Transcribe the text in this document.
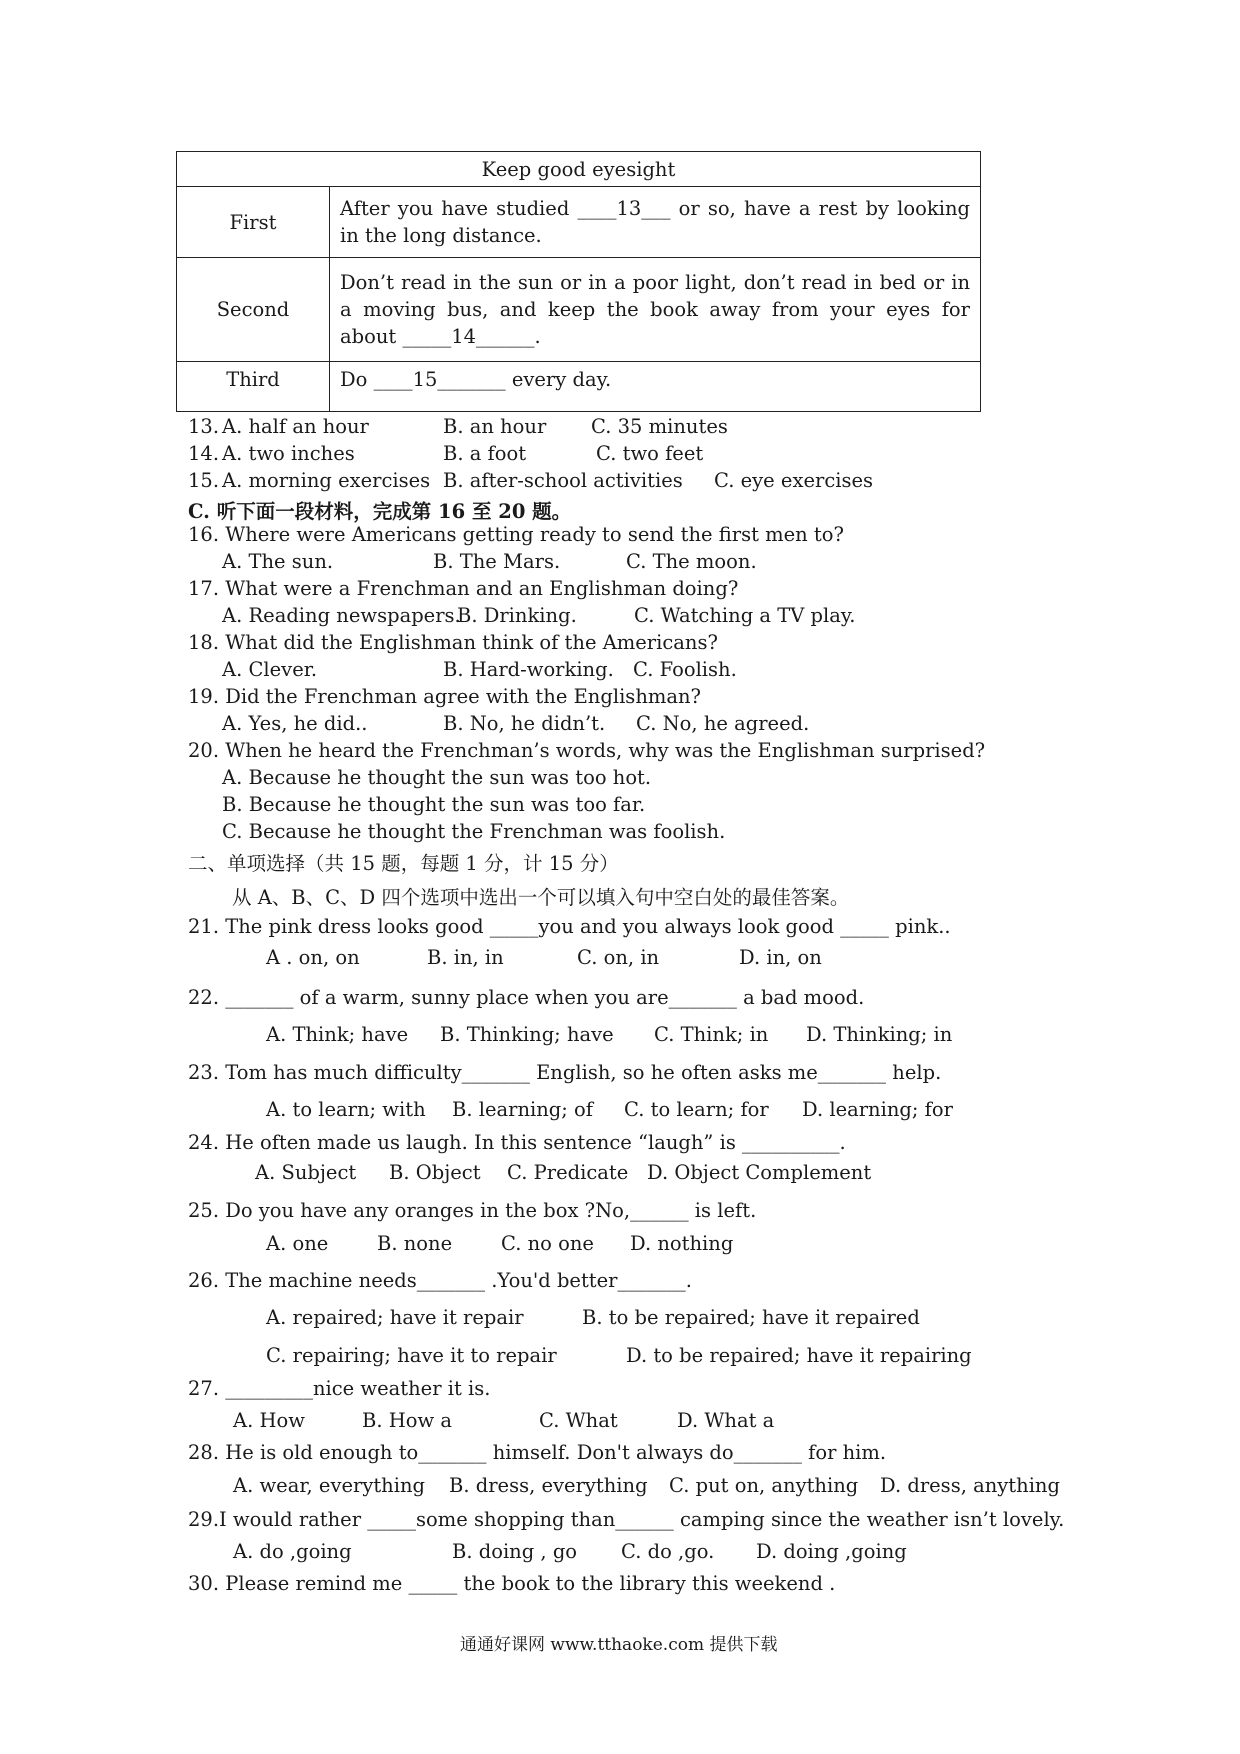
Keep good eyesight	
First	After you have studied ____13___ or so, have a rest by looking in the long distance.
Second	Don’t read in the sun or in a poor light, don’t read in bed or in a moving bus, and keep the book away from your eyes for about _____14______.
Third	Do ____15_______ every day.
13. A. half an hour	B. an hour C. 35 minutes
14. A. two inches	B. a foot	C. two feet
15. A. morning exercises B. after-school activities C. eye exercises
C. 听下面一段材料，完成第 16 至 20 题。
16. Where were Americans getting ready to send the first men to?
A. The sun.	B. The Mars.	C. The moon.
17. What were a Frenchman and an Englishman doing?
A. Reading newspapers.
B. Drinking.	C. Watching a TV play.
18. What did the Englishman think of the Americans?
A. Clever.	B. Hard-working. C. Foolish.
19. Did the Frenchman agree with the Englishman?
A. Yes, he did..	B. No, he didn’t. C. No, he agreed.
20. When he heard the Frenchman’s words, why was the Englishman surprised?
A. Because he thought the sun was too hot.
B. Because he thought the sun was too far.
C. Because he thought the Frenchman was foolish.
二、单项选择（共 15 题，每题 1 分，计 15 分）
从 A、B、C、D 四个选项中选出一个可以填入句中空白处的最佳答案。
21. The pink dress looks good _____you and you always look good _____ pink..
A . on, on	B. in, in	C. on, in	D. in, on
22. _______ of a warm, sunny place when you are_______ a bad mood.
A. Think; have B. Thinking; have C. Think; in D. Thinking; in
23. Tom has much difficulty_______ English, so he often asks me_______ help.
A. to learn; with B. learning; of C. to learn; for D. learning; for
24. He often made us laugh. In this sentence “laugh” is __________.
A. Subject B. Object C. Predicate D. Object Complement
25. Do you have any oranges in the box ?No,______ is left.
A. one B. none	C. no one D. nothing
26. The machine needs_______ .You'd better_______.
A. repaired; have it repair	B. to be repaired; have it repaired
C. repairing; have it to repair	D. to be repaired; have it repairing
27. _________nice weather it is.
A. How	B. How a	C. What	D. What a
28. He is old enough to_______ himself. Don't always do_______ for him.
A. wear, everything B. dress, everything C. put on, anything D. dress, anything
29.I would rather _____some shopping than______ camping since the weather isn’t lovely.
A. do ,going	B. doing , go C. do ,go. D. doing ,going
30. Please remind me _____ the book to the library this weekend .
通通好课网 www.tthaoke.com 提供下载
